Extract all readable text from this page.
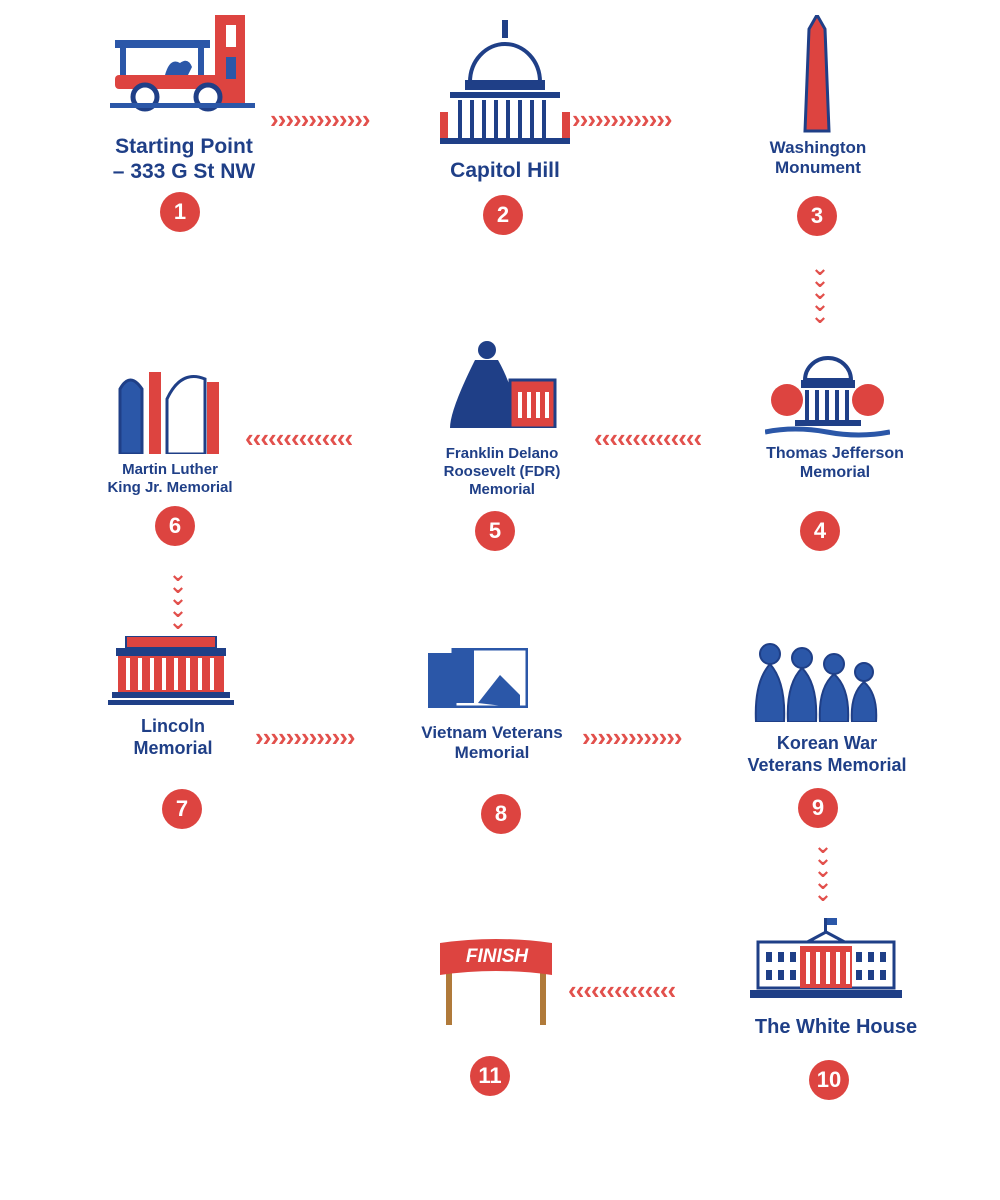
Starting Point
– 333 G St NW
1
›››››››››››››
Capitol Hill
2
›››››››››››››
Washington
Monument
3
⌄ ⌄ ⌄ ⌄ ⌄
Thomas Jefferson
Memorial
4
‹‹‹‹‹‹‹‹‹‹‹‹‹‹
Franklin Delano
Roosevelt (FDR)
Memorial
5
‹‹‹‹‹‹‹‹‹‹‹‹‹‹
Martin Luther
King Jr. Memorial
6
⌄ ⌄ ⌄ ⌄ ⌄
Lincoln
Memorial
7
›››››››››››››	Vietnam Veterans
Memorial
8
›››››››››››››	Korean War
Veterans Memorial
9
⌄ ⌄ ⌄ ⌄ ⌄
The White House
10
‹‹‹‹‹‹‹‹‹‹‹‹‹‹
FINISH
11
